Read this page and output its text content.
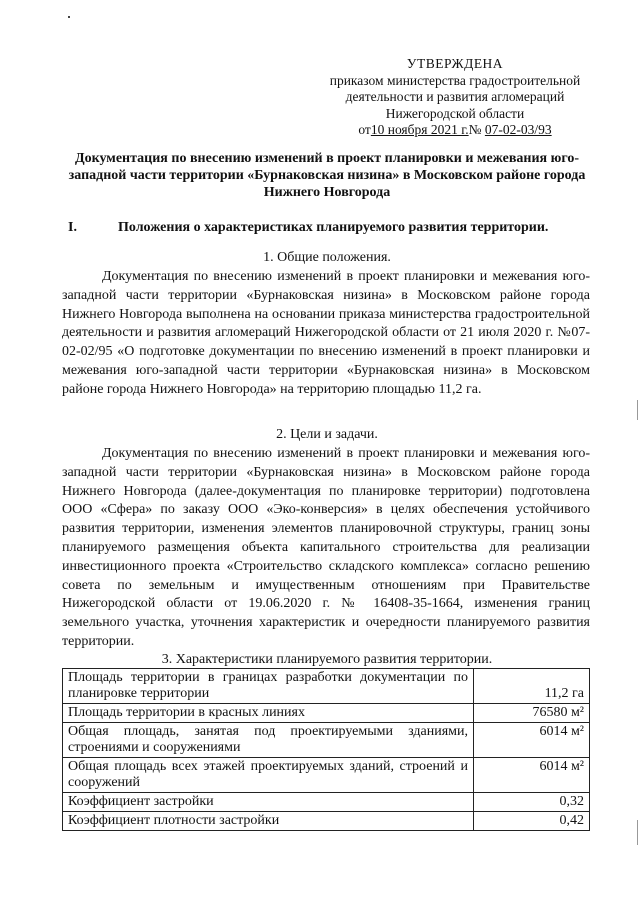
УТВЕРЖДЕНА
приказом министерства градостроительной
деятельности и развития агломераций
Нижегородской области
от10 ноября 2021 г.№ 07-02-03/93
Документация по внесению изменений в проект планировки и межевания юго-западной части территории «Бурнаковская низина» в Московском районе города Нижнего Новгорода
I.	Положения о характеристиках планируемого развития территории.
1. Общие положения.
Документация по внесению изменений в проект планировки и межевания юго-западной части территории «Бурнаковская низина» в Московском районе города Нижнего Новгорода выполнена на основании приказа министерства градостроительной деятельности и развития агломераций Нижегородской области от 21 июля 2020 г. №07-02-02/95 «О подготовке документации по внесению изменений в проект планировки и межевания юго-западной части территории «Бурнаковская низина» в Московском районе города Нижнего Новгорода» на территорию площадью 11,2 га.
2. Цели и задачи.
Документация по внесению изменений в проект планировки и межевания юго-западной части территории «Бурнаковская низина» в Московском районе города Нижнего Новгорода (далее-документация по планировке территории) подготовлена ООО «Сфера» по заказу ООО «Эко-конверсия» в целях обеспечения устойчивого развития территории, изменения элементов планировочной структуры, границ зоны планируемого размещения объекта капитального строительства для реализации инвестиционного проекта «Строительство складского комплекса» согласно решению совета по земельным и имущественным отношениям при Правительстве Нижегородской области от 19.06.2020 г. № 16408-35-1664, изменения границ земельного участка, уточнения характеристик и очередности планируемого развития территории.
3. Характеристики планируемого развития территории.
Площадь территории в границах разработки документации по планировке территории	11,2 га
Площадь территории в красных линиях	76580 м²
Общая площадь, занятая под проектируемыми зданиями, строениями и сооружениями	6014 м²
Общая площадь всех этажей проектируемых зданий, строений и сооружений	6014 м²
Коэффициент застройки	0,32
Коэффициент плотности застройки	0,42
